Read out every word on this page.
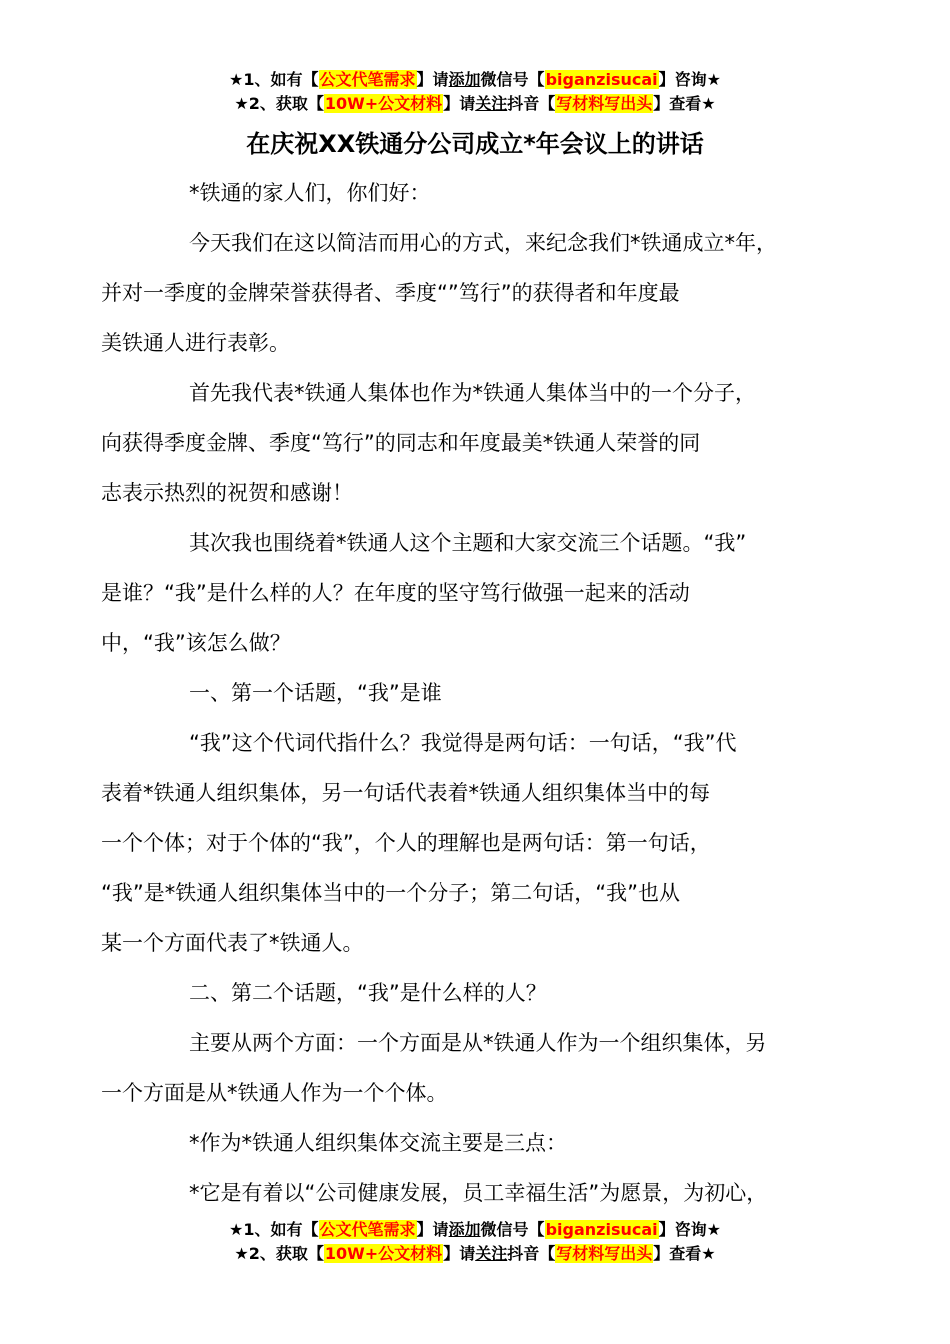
★1、如有【公文代笔需求】请添加微信号【biganzisucai】咨询★
★2、获取【10W+公文材料】请关注抖音【写材料写出头】查看★
在庆祝XX铁通分公司成立*年会议上的讲话

*铁通的家人们，你们好：

今天我们在这以简洁而用心的方式，来纪念我们*铁通成立*年，
并对一季度的金牌荣誉获得者、季度“”笃行”的获得者和年度最
美铁通人进行表彰。

首先我代表*铁通人集体也作为*铁通人集体当中的一个分子，
向获得季度金牌、季度“笃行”的同志和年度最美*铁通人荣誉的同
志表示热烈的祝贺和感谢！

其次我也围绕着*铁通人这个主题和大家交流三个话题。“我”
是谁？“我”是什么样的人？在年度的坚守笃行做强一起来的活动
中，“我”该怎么做？

一、第一个话题，“我”是谁

“我”这个代词代指什么？我觉得是两句话：一句话，“我”代
表着*铁通人组织集体，另一句话代表着*铁通人组织集体当中的每
一个个体；对于个体的“我”，个人的理解也是两句话：第一句话，
“我”是*铁通人组织集体当中的一个分子；第二句话，“我”也从
某一个方面代表了*铁通人。

二、第二个话题，“我”是什么样的人？

主要从两个方面：一个方面是从*铁通人作为一个组织集体，另
一个方面是从*铁通人作为一个个体。

*作为*铁通人组织集体交流主要是三点：

*它是有着以“公司健康发展，员工幸福生活”为愿景，为初心，

★1、如有【公文代笔需求】请添加微信号【biganzisucai】咨询★
★2、获取【10W+公文材料】请关注抖音【写材料写出头】查看★
